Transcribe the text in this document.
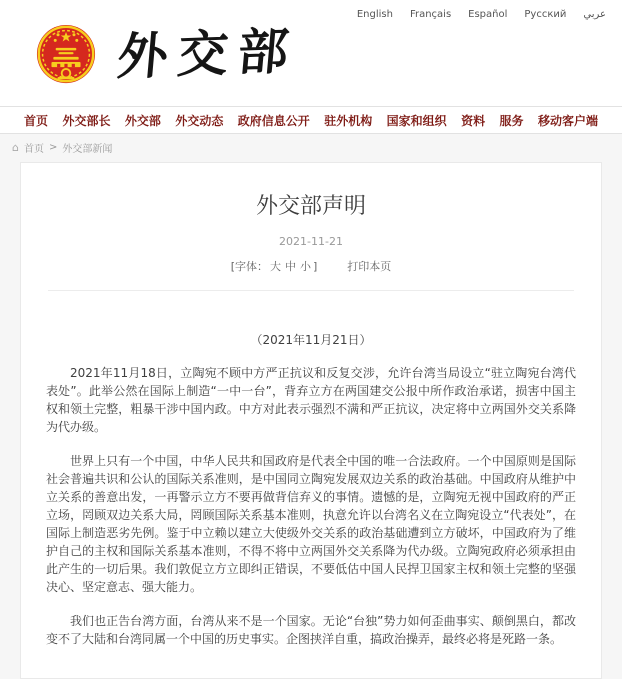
English Français Español Русский عربي
外交部
首页 外交部长 外交部 外交动态 政府信息公开 驻外机构 国家和组织 资料 服务 移动客户端
⌂ 首页 > 外交部新闻
外交部声明
2021-11-21
[字体： 大 中 小 ]	打印本页
（2021年11月21日）

2021年11月18日，立陶宛不顾中方严正抗议和反复交涉，允许台湾当局设立“驻立陶宛台湾代表处”。此举公然在国际上制造“一中一台”，背弃立方在两国建交公报中所作政治承诺，损害中国主权和领土完整，粗暴干涉中国内政。中方对此表示强烈不满和严正抗议，决定将中立两国外交关系降为代办级。

世界上只有一个中国，中华人民共和国政府是代表全中国的唯一合法政府。一个中国原则是国际社会普遍共识和公认的国际关系准则，是中国同立陶宛发展双边关系的政治基础。中国政府从维护中立关系的善意出发，一再警示立方不要再做背信弃义的事情。遗憾的是，立陶宛无视中国政府的严正立场，罔顾双边关系大局，罔顾国际关系基本准则，执意允许以台湾名义在立陶宛设立“代表处”，在国际上制造恶劣先例。鉴于中立赖以建立大使级外交关系的政治基础遭到立方破坏，中国政府为了维护自己的主权和国际关系基本准则，不得不将中立两国外交关系降为代办级。立陶宛政府必须承担由此产生的一切后果。我们敦促立方立即纠正错误，不要低估中国人民捍卫国家主权和领土完整的坚强决心、坚定意志、强大能力。

我们也正告台湾方面，台湾从来不是一个国家。无论“台独”势力如何歪曲事实、颠倒黑白，都改变不了大陆和台湾同属一个中国的历史事实。企图挟洋自重，搞政治操弄，最终必将是死路一条。
